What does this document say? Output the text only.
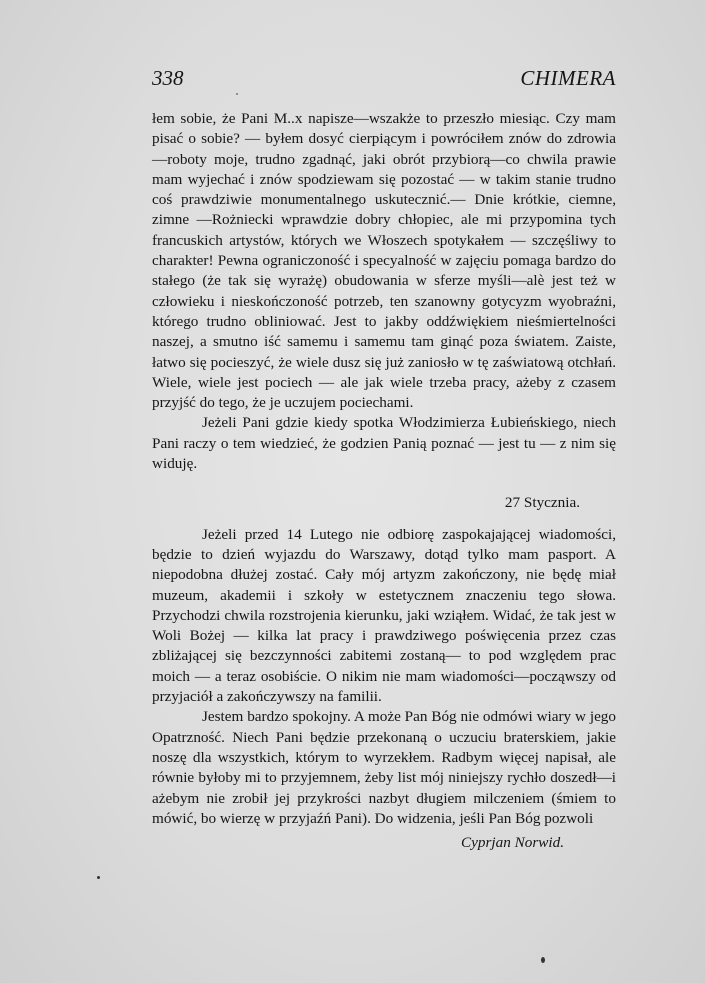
338	CHIMERA

łem sobie, że Pani M..x napisze—wszakże to przeszło miesiąc. Czy mam pisać o sobie? — byłem dosyć cierpiącym i powróciłem znów do zdrowia—roboty moje, trudno zgadnąć, jaki obrót przybiorą—co chwila prawie mam wyjechać i znów spodziewam się pozostać — w takim stanie trudno coś prawdziwie monumentalnego uskutecznić.— Dnie krótkie, ciemne, zimne —Rożniecki wprawdzie dobry chłopiec, ale mi przypomina tych francuskich artystów, których we Włoszech spotykałem — szczęśliwy to charakter! Pewna ograniczoność i specyalność w zajęciu pomaga bardzo do stałego (że tak się wyrażę) obudowania w sferze myśli—alè jest też w człowieku i nieskończoność potrzeb, ten szanowny gotycyzm wyobraźni, którego trudno obliniować. Jest to jakby oddźwiękiem nieśmiertelności naszej, a smutno iść samemu i samemu tam ginąć poza światem. Zaiste, łatwo się pocieszyć, że wiele dusz się już zaniosło w tę zaświatową otchłań. Wiele, wiele jest pociech — ale jak wiele trzeba pracy, ażeby z czasem przyjść do tego, że je uczujem pociechami.

Jeżeli Pani gdzie kiedy spotka Włodzimierza Łubieńskiego, niech Pani raczy o tem wiedzieć, że godzien Panią poznać — jest tu — z nim się widuję.

27 Stycznia.

Jeżeli przed 14 Lutego nie odbiorę zaspokajającej wiadomości, będzie to dzień wyjazdu do Warszawy, dotąd tylko mam pasport. A niepodobna dłużej zostać. Cały mój artyzm zakończony, nie będę miał muzeum, akademii i szkoły w estetycznem znaczeniu tego słowa. Przychodzi chwila rozstrojenia kierunku, jaki wziąłem. Widać, że tak jest w Woli Bożej — kilka lat pracy i prawdziwego poświęcenia przez czas zbliżającej się bezczynności zabitemi zostaną— to pod względem prac moich — a teraz osobiście. O nikim nie mam wiadomości—począwszy od przyjaciół a zakończywszy na familii.

Jestem bardzo spokojny. A może Pan Bóg nie odmówi wiary w jego Opatrzność. Niech Pani będzie przekonaną o uczuciu braterskiem, jakie noszę dla wszystkich, którym to wyrzekłem. Radbym więcej napisał, ale równie byłoby mi to przyjemnem, żeby list mój niniejszy rychło doszedł—i ażebym nie zrobił jej przykrości nazbyt długiem milczeniem (śmiem to mówić, bo wierzę w przyjaźń Pani). Do widzenia, jeśli Pan Bóg pozwoli

Cyprjan Norwid.
